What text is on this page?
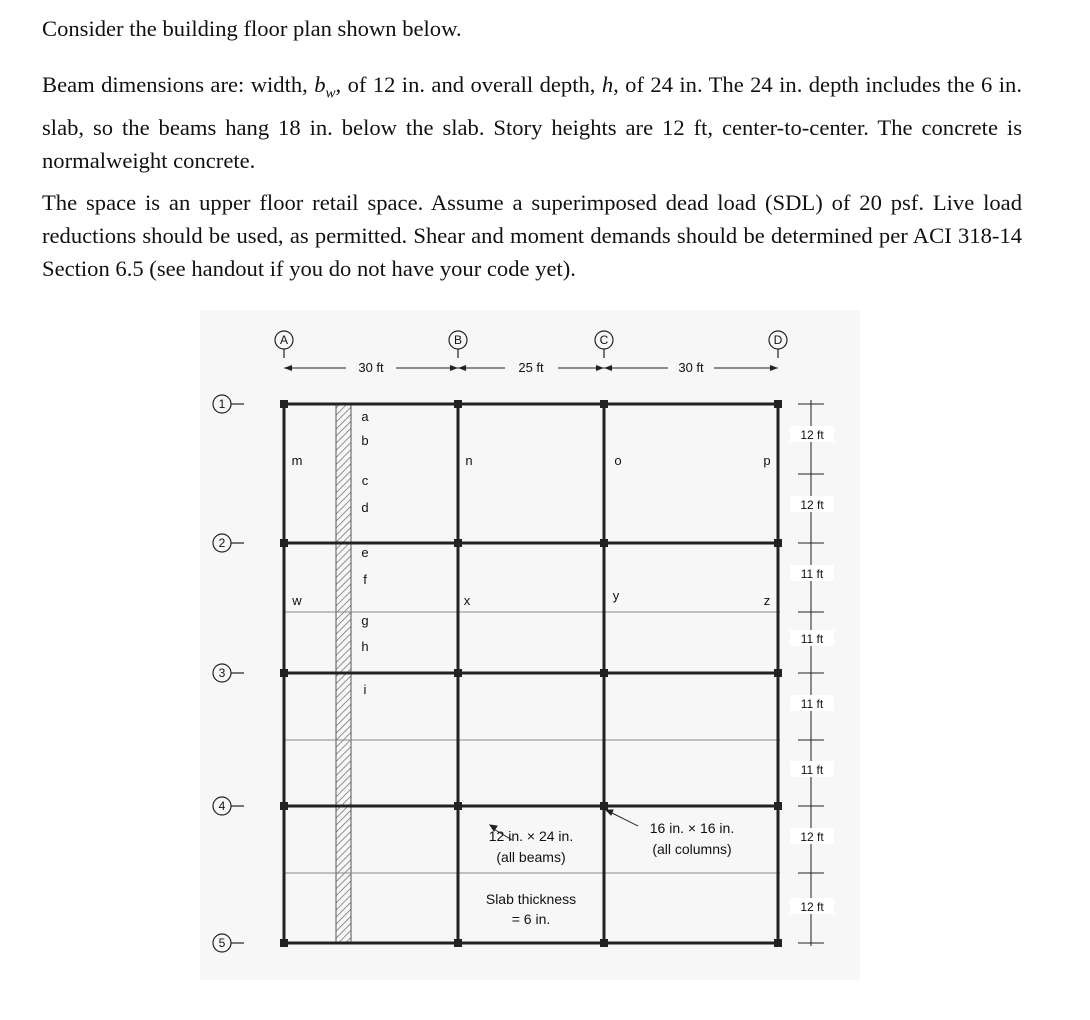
Consider the building floor plan shown below.

Beam dimensions are: width, $b_w$, of 12 in. and overall depth, h, of 24 in. The 24 in. depth includes the 6 in. slab, so the beams hang 18 in. below the slab. Story heights are 12 ft, center-to-center. The concrete is normalweight concrete.

The space is an upper floor retail space. Assume a superimposed dead load (SDL) of 20 psf. Live load reductions should be used, as permitted. Shear and moment demands should be determined per ACI 318-14 Section 6.5 (see handout if you do not have your code yet).

A	B	C	D
1
2
3
4
5
30 ft	25 ft	30 ft
12 ft
12 ft
11 ft
11 ft
11 ft
11 ft
12 ft
12 ft
a
b
c
d
e
f
g
h
i
m	n	o	p
w	x	y	z
12 in. × 24 in.
(all beams)
16 in. × 16 in.
(all columns)
Slab thickness
= 6 in.
